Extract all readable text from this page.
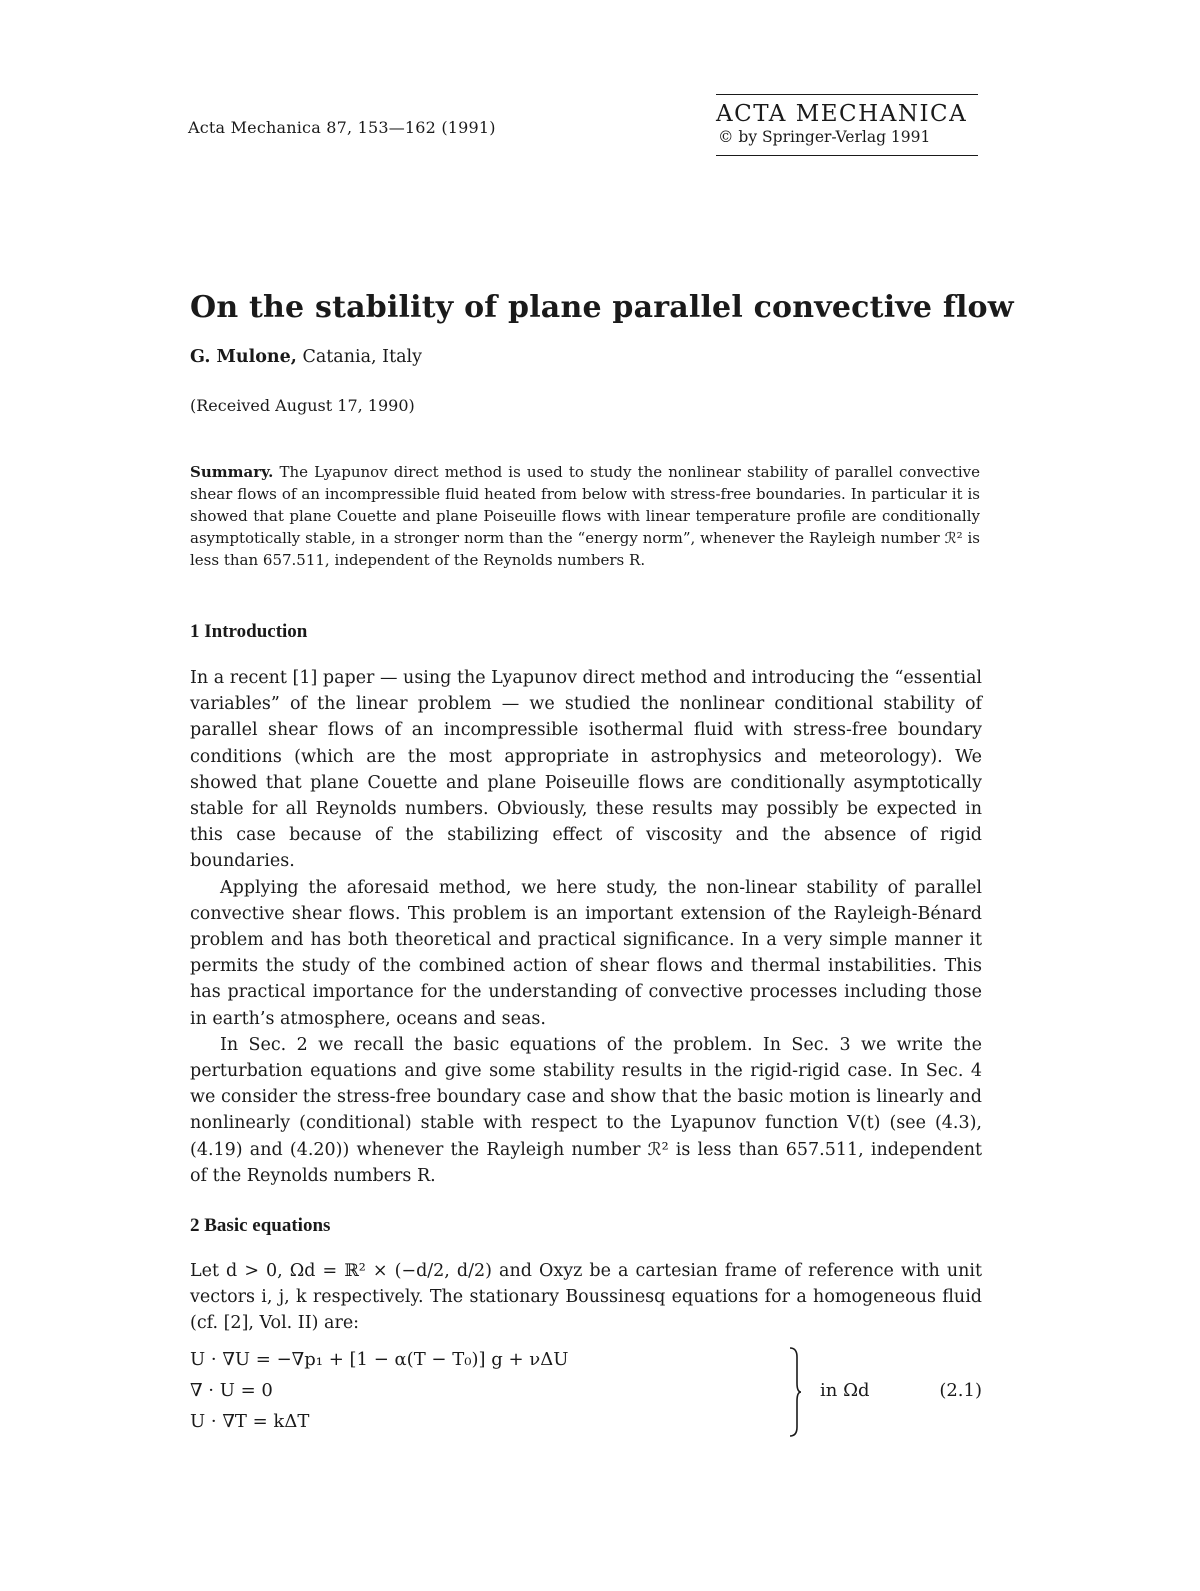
Acta Mechanica 87, 153—162 (1991)
ACTA MECHANICA
© by Springer-Verlag 1991
On the stability of plane parallel convective flow
G. Mulone, Catania, Italy
(Received August 17, 1990)
Summary. The Lyapunov direct method is used to study the nonlinear stability of parallel convective shear flows of an incompressible fluid heated from below with stress-free boundaries. In particular it is showed that plane Couette and plane Poiseuille flows with linear temperature profile are conditionally asymptotically stable, in a stronger norm than the “energy norm”, whenever the Rayleigh number ℛ² is less than 657.511, independent of the Reynolds numbers R.
1 Introduction

In a recent [1] paper — using the Lyapunov direct method and introducing the “essential variables” of the linear problem — we studied the nonlinear conditional stability of parallel shear flows of an incompressible isothermal fluid with stress-free boundary conditions (which are the most appropriate in astrophysics and meteorology). We showed that plane Couette and plane Poiseuille flows are conditionally asymptotically stable for all Reynolds numbers. Obviously, these results may possibly be expected in this case because of the stabilizing effect of viscosity and the absence of rigid boundaries.

Applying the aforesaid method, we here study, the non-linear stability of parallel convective shear flows. This problem is an important extension of the Rayleigh-Bénard problem and has both theoretical and practical significance. In a very simple manner it permits the study of the combined action of shear flows and thermal instabilities. This has practical importance for the understanding of convective processes including those in earth’s atmosphere, oceans and seas.

In Sec. 2 we recall the basic equations of the problem. In Sec. 3 we write the perturbation equations and give some stability results in the rigid-rigid case. In Sec. 4 we consider the stress-free boundary case and show that the basic motion is linearly and nonlinearly (conditional) stable with respect to the Lyapunov function V(t) (see (4.3), (4.19) and (4.20)) whenever the Rayleigh number ℛ² is less than 657.511, independent of the Reynolds numbers R.

2 Basic equations

Let d > 0, Ωd = ℝ² × (−d/2, d/2) and Oxyz be a cartesian frame of reference with unit vectors i, j, k respectively. The stationary Boussinesq equations for a homogeneous fluid (cf. [2], Vol. II) are:

U · ∇U = −∇p₁ + [1 − α(T − T₀)] g + νΔU
∇ · U = 0
U · ∇T = kΔT
in Ωd	(2.1)
